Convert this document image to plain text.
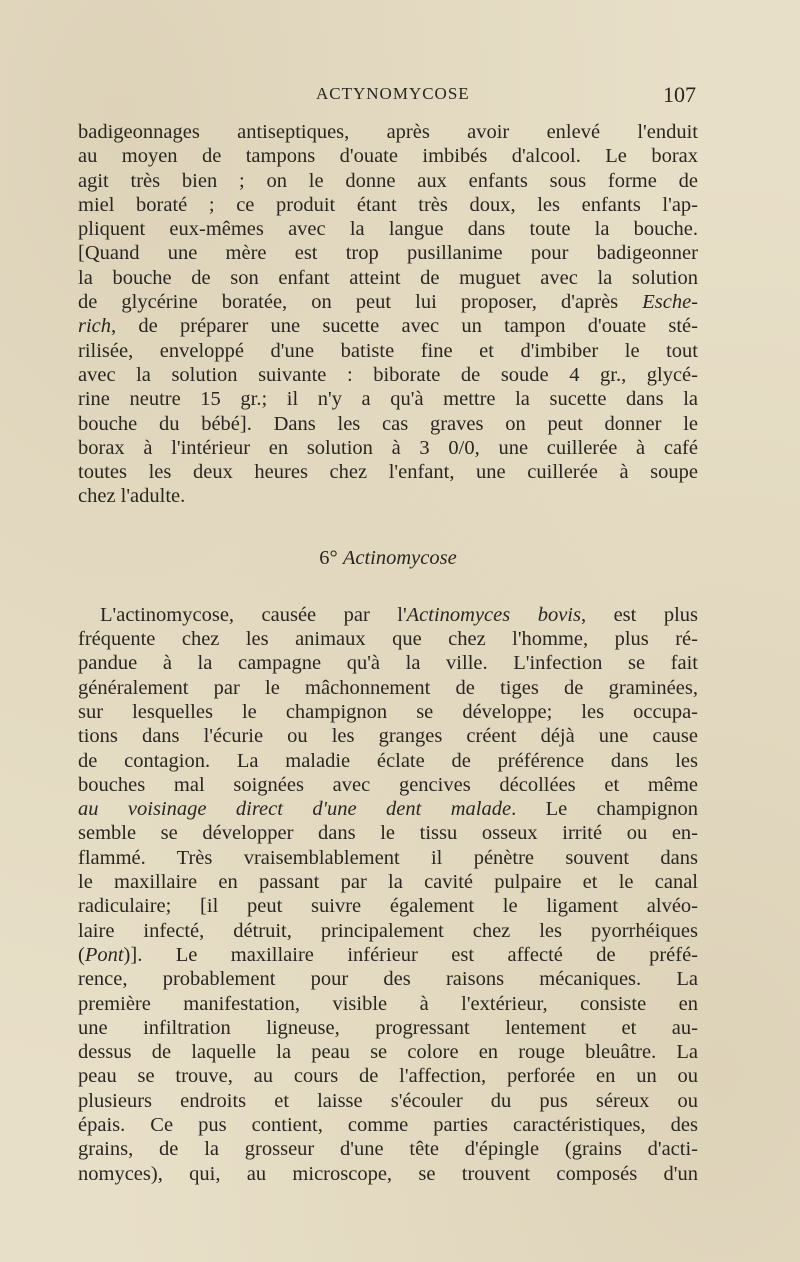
ACTYNOMYCOSE	107
badigeonnages antiseptiques, après avoir enlevé l'enduit
au moyen de tampons d'ouate imbibés d'alcool. Le borax
agit très bien ; on le donne aux enfants sous forme de
miel boraté ; ce produit étant très doux, les enfants l'ap-
pliquent eux-mêmes avec la langue dans toute la bouche.
[Quand une mère est trop pusillanime pour badigeonner
la bouche de son enfant atteint de muguet avec la solution
de glycérine boratée, on peut lui proposer, d'après Esche-
rich, de préparer une sucette avec un tampon d'ouate sté-
rilisée, enveloppé d'une batiste fine et d'imbiber le tout
avec la solution suivante : biborate de soude 4 gr., glycé-
rine neutre 15 gr.; il n'y a qu'à mettre la sucette dans la
bouche du bébé]. Dans les cas graves on peut donner le
borax à l'intérieur en solution à 3 0/0, une cuillerée à café
toutes les deux heures chez l'enfant, une cuillerée à soupe
chez l'adulte.
6° Actinomycose
L'actinomycose, causée par l'Actinomyces bovis, est plus
fréquente chez les animaux que chez l'homme, plus ré-
pandue à la campagne qu'à la ville. L'infection se fait
généralement par le mâchonnement de tiges de graminées,
sur lesquelles le champignon se développe; les occupa-
tions dans l'écurie ou les granges créent déjà une cause
de contagion. La maladie éclate de préférence dans les
bouches mal soignées avec gencives décollées et même
au voisinage direct d'une dent malade. Le champignon
semble se développer dans le tissu osseux irrité ou en-
flammé. Très vraisemblablement il pénètre souvent dans
le maxillaire en passant par la cavité pulpaire et le canal
radiculaire; [il peut suivre également le ligament alvéo-
laire infecté, détruit, principalement chez les pyorrhéiques
(Pont)]. Le maxillaire inférieur est affecté de préfé-
rence, probablement pour des raisons mécaniques. La
première manifestation, visible à l'extérieur, consiste en
une infiltration ligneuse, progressant lentement et au-
dessus de laquelle la peau se colore en rouge bleuâtre. La
peau se trouve, au cours de l'affection, perforée en un ou
plusieurs endroits et laisse s'écouler du pus séreux ou
épais. Ce pus contient, comme parties caractéristiques, des
grains, de la grosseur d'une tête d'épingle (grains d'acti-
nomyces), qui, au microscope, se trouvent composés d'un
